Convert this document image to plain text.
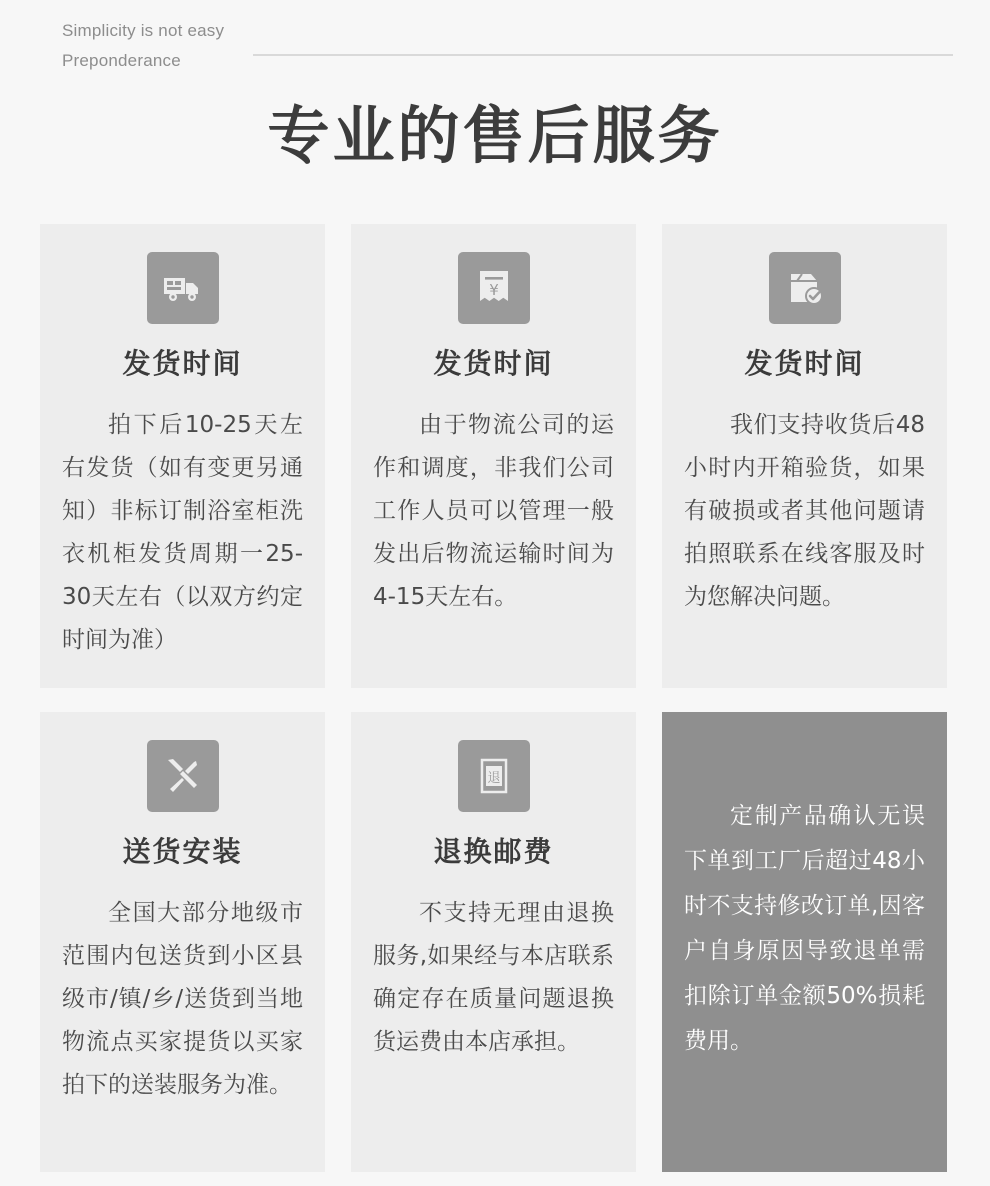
Simplicity is not easy
Preponderance
专业的售后服务
发货时间
拍下后10-25天左右发货（如有变更另通知）非标订制浴室柜洗衣机柜发货周期一25-30天左右（以双方约定时间为准）
¥
发货时间
由于物流公司的运作和调度，非我们公司工作人员可以管理一般发出后物流运输时间为4-15天左右。
发货时间
我们支持收货后48小时内开箱验货，如果有破损或者其他问题请拍照联系在线客服及时为您解决问题。
送货安装
全国大部分地级市范围内包送货到小区县级市/镇/乡/送货到当地物流点买家提货以买家拍下的送装服务为准。
退
退换邮费
不支持无理由退换服务,如果经与本店联系确定存在质量问题退换货运费由本店承担。
定制产品确认无误下单到工厂后超过48小时不支持修改订单,因客户自身原因导致退单需扣除订单金额50%损耗费用。
